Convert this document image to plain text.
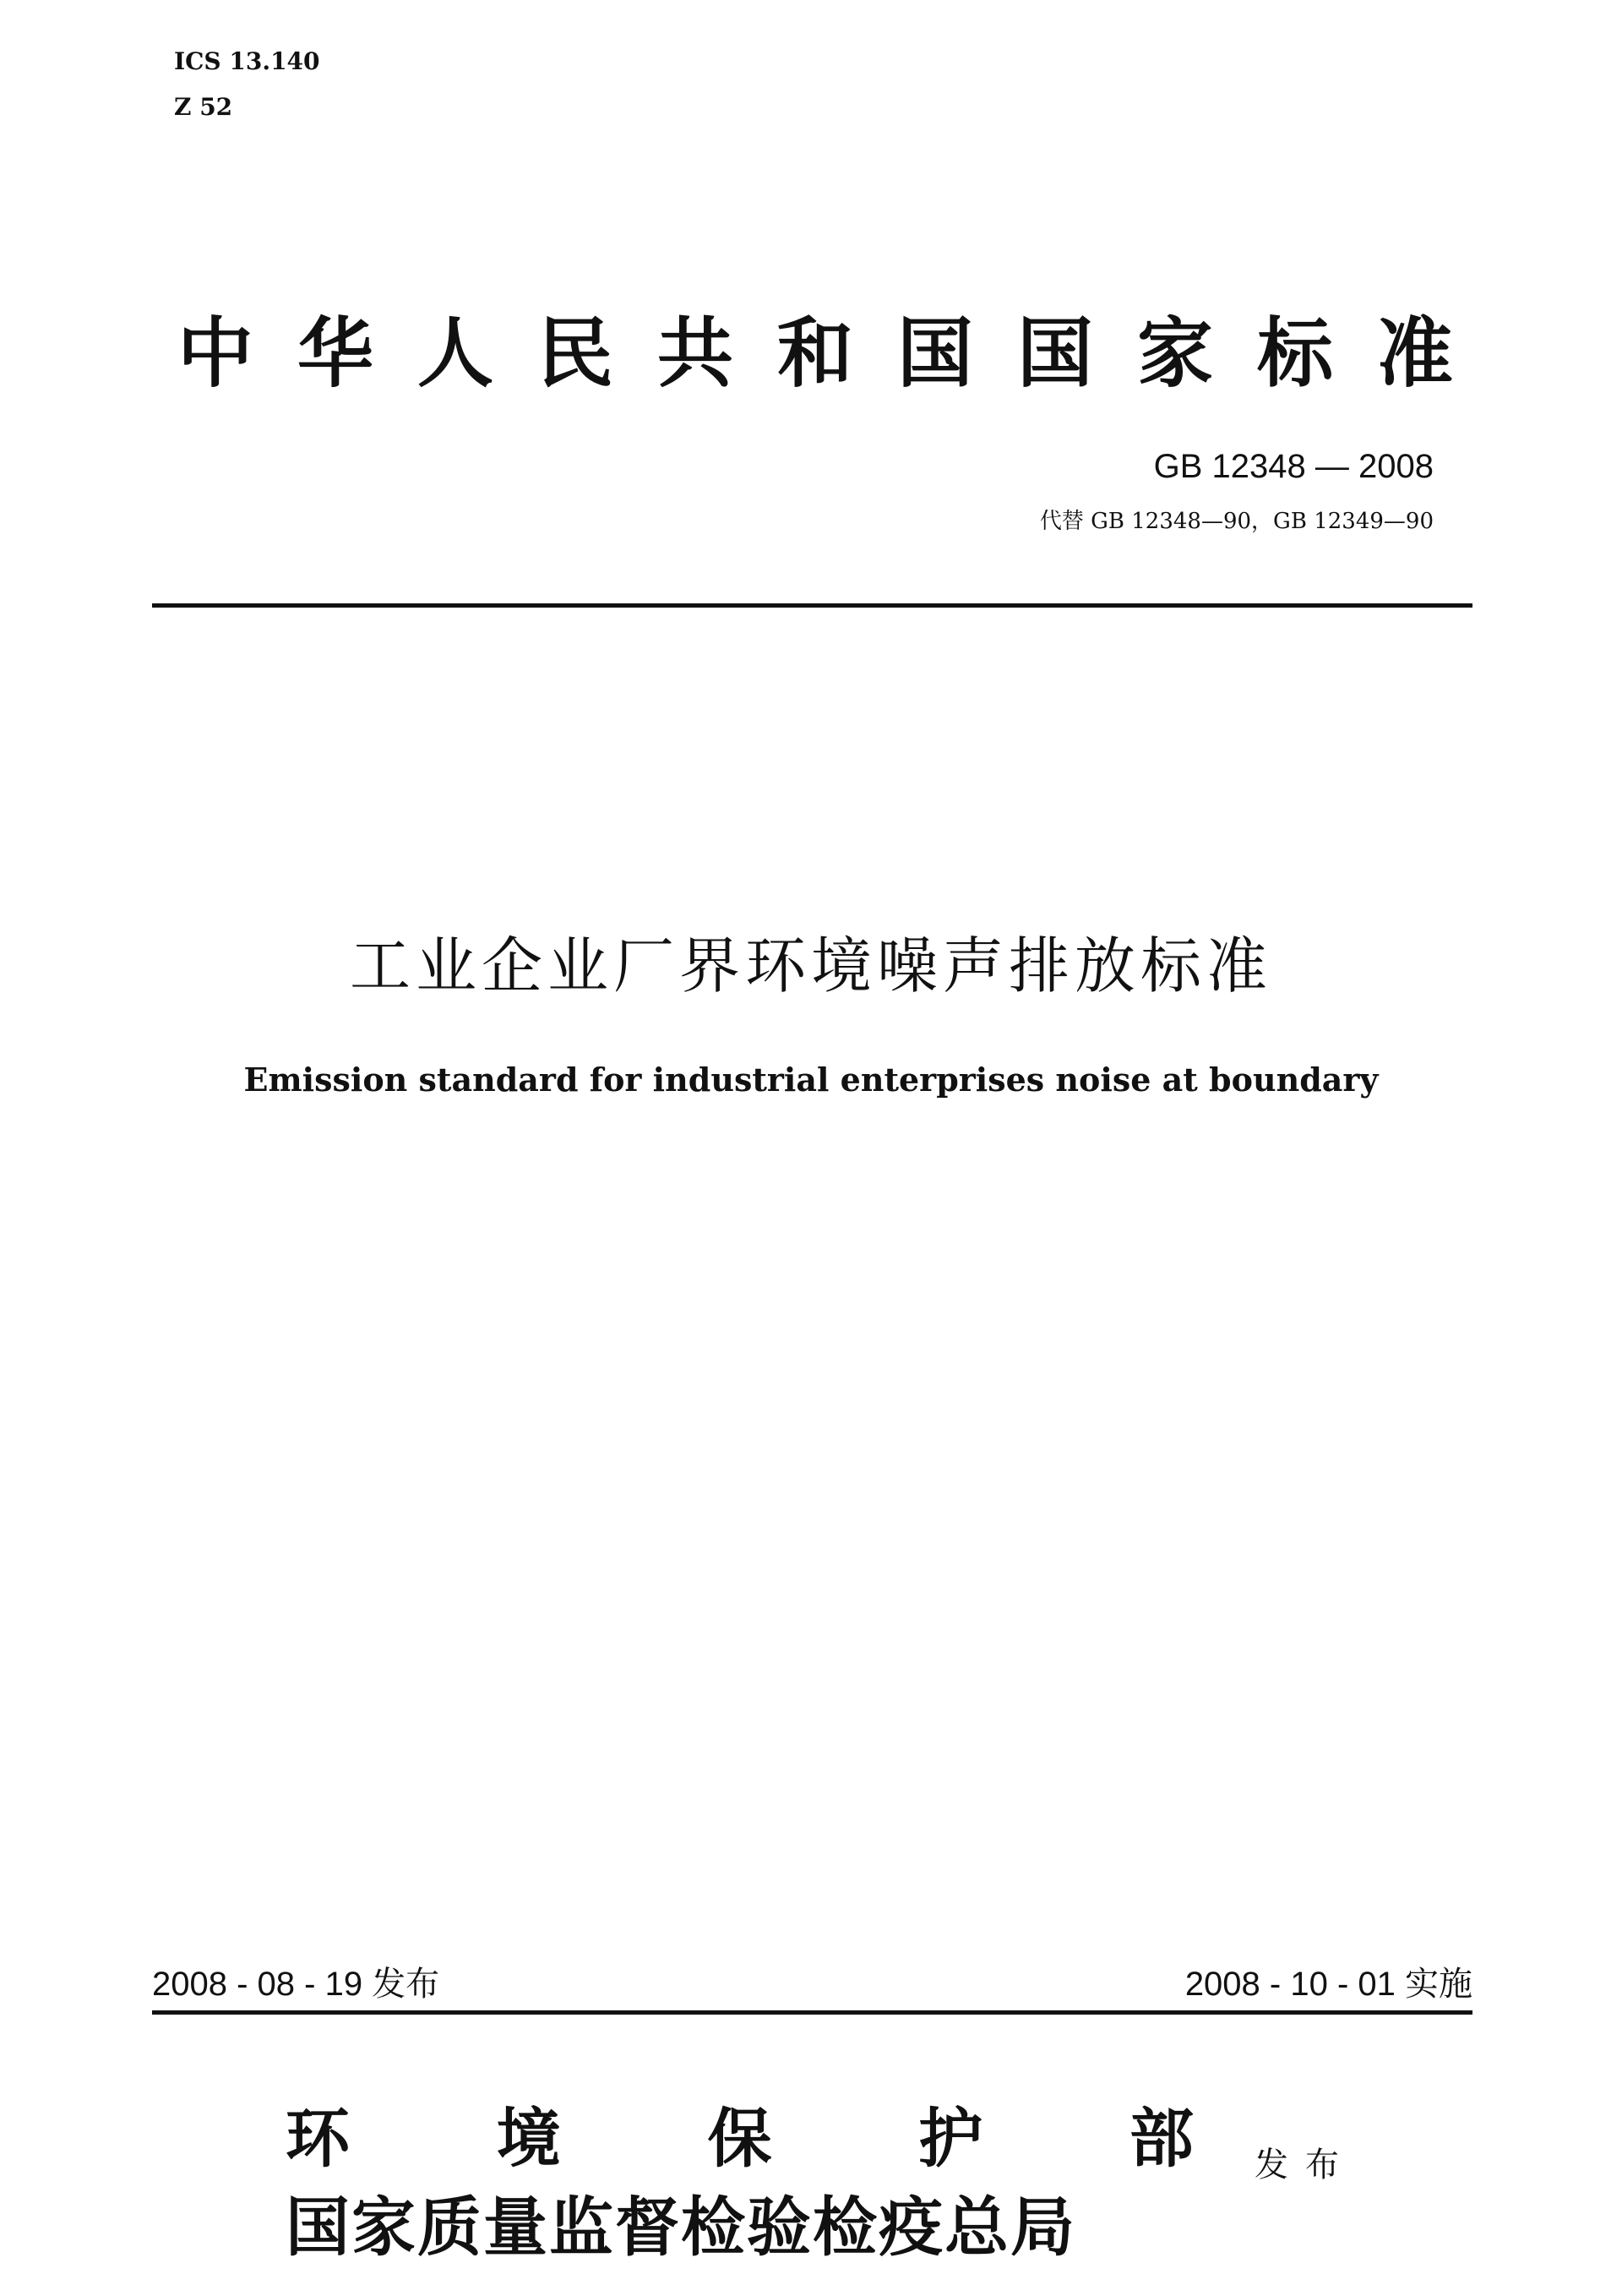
ICS 13.140
Z 52
中 华 人 民 共 和 国 国 家 标 准
GB 12348 — 2008
代替 GB 12348—90，GB 12349—90
工业企业厂界环境噪声排放标准
Emission standard for industrial enterprises noise at boundary
2008 - 08 - 19 发布	2008 - 10 - 01 实施
环 境 保 护 部
国家质量监督检验检疫总局
发布
